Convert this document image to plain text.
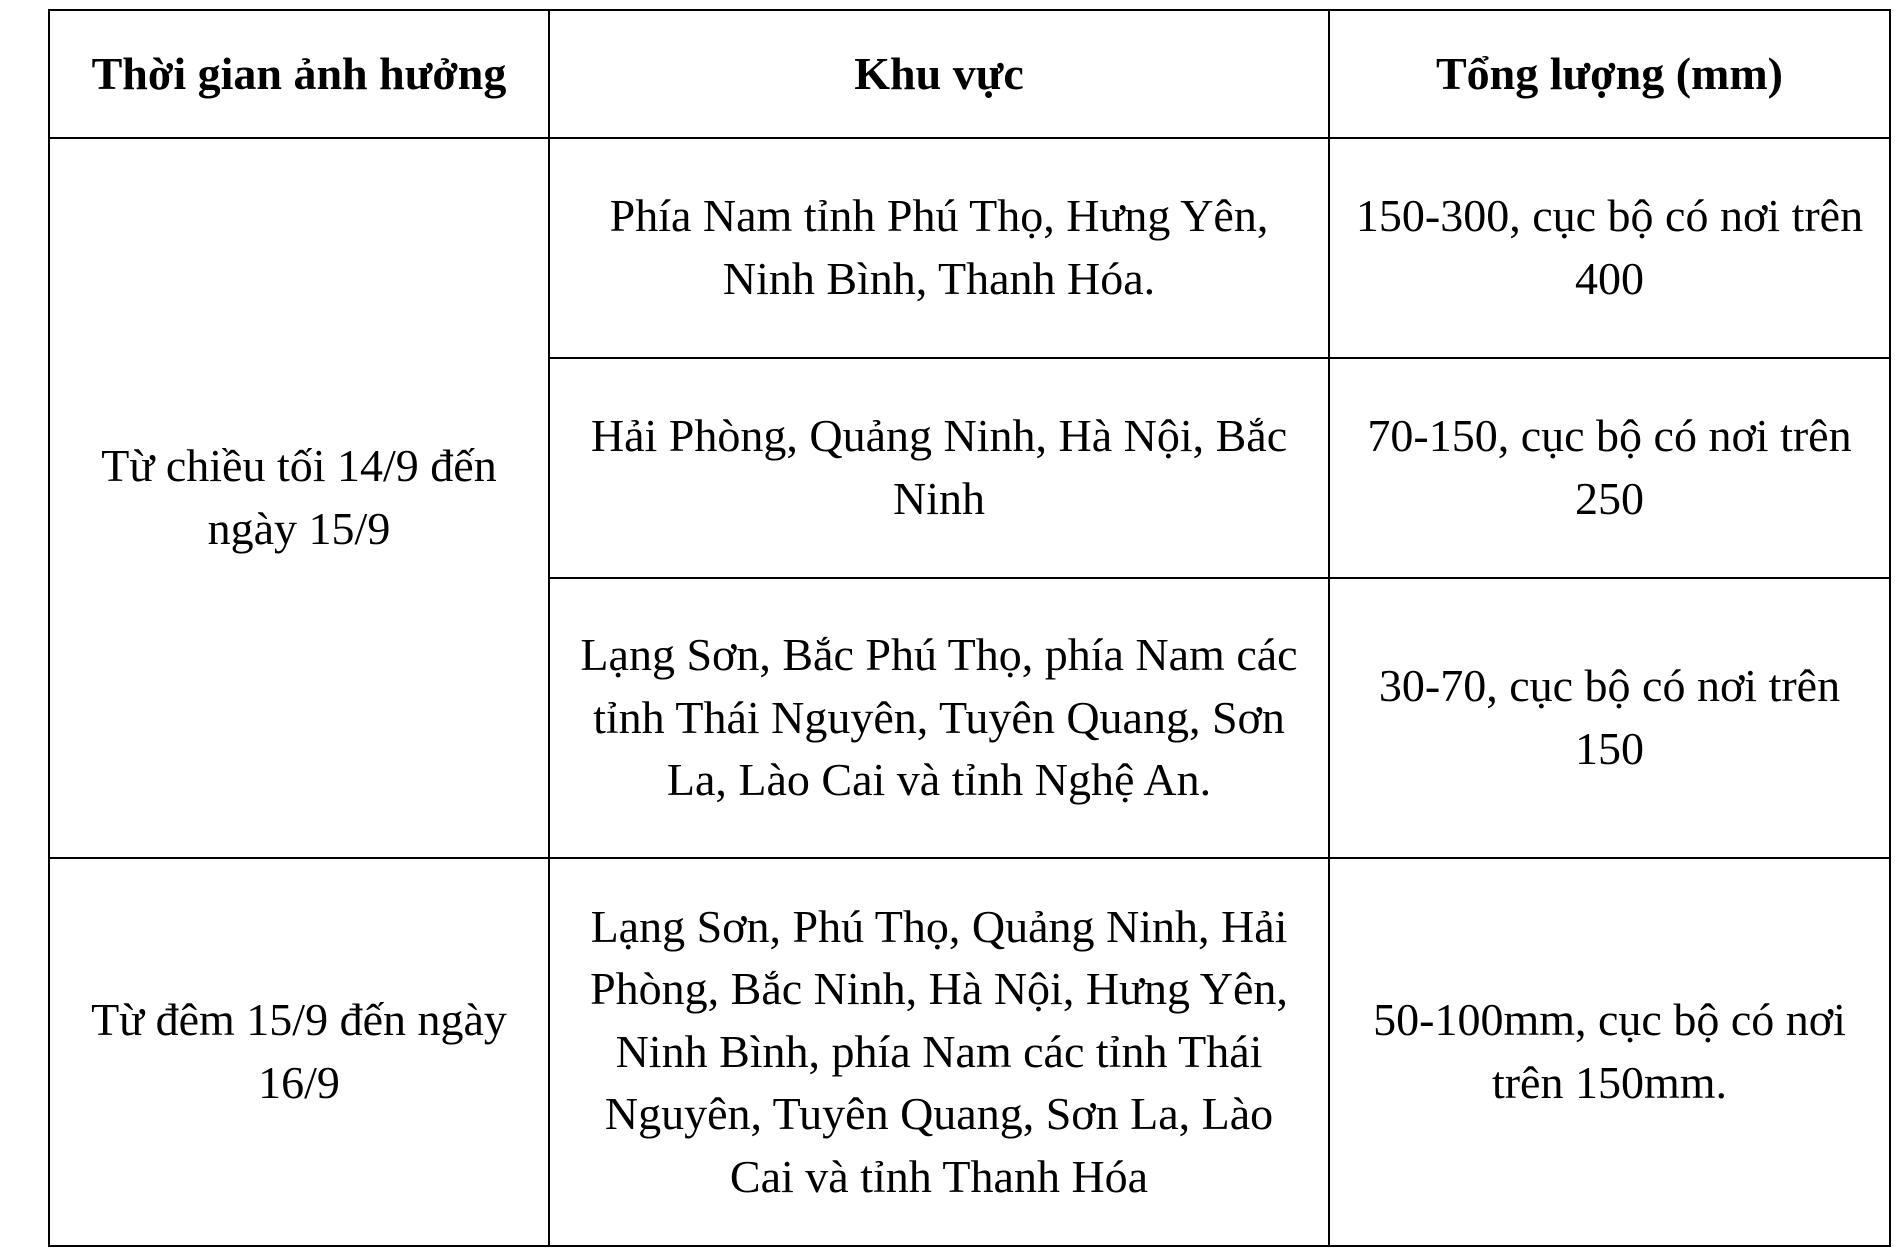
Thời gian ảnh hưởng	Khu vực	Tổng lượng (mm)
Từ chiều tối 14/9 đến ngày 15/9	Phía Nam tỉnh Phú Thọ, Hưng Yên, Ninh Bình, Thanh Hóa.	150-300, cục bộ có nơi trên 400
	Hải Phòng, Quảng Ninh, Hà Nội, Bắc Ninh	70-150, cục bộ có nơi trên 250
	Lạng Sơn, Bắc Phú Thọ, phía Nam các tỉnh Thái Nguyên, Tuyên Quang, Sơn La, Lào Cai và tỉnh Nghệ An.	30-70, cục bộ có nơi trên 150
Từ đêm 15/9 đến ngày 16/9	Lạng Sơn, Phú Thọ, Quảng Ninh, Hải Phòng, Bắc Ninh, Hà Nội, Hưng Yên, Ninh Bình, phía Nam các tỉnh Thái Nguyên, Tuyên Quang, Sơn La, Lào Cai và tỉnh Thanh Hóa	50-100mm, cục bộ có nơi trên 150mm.
